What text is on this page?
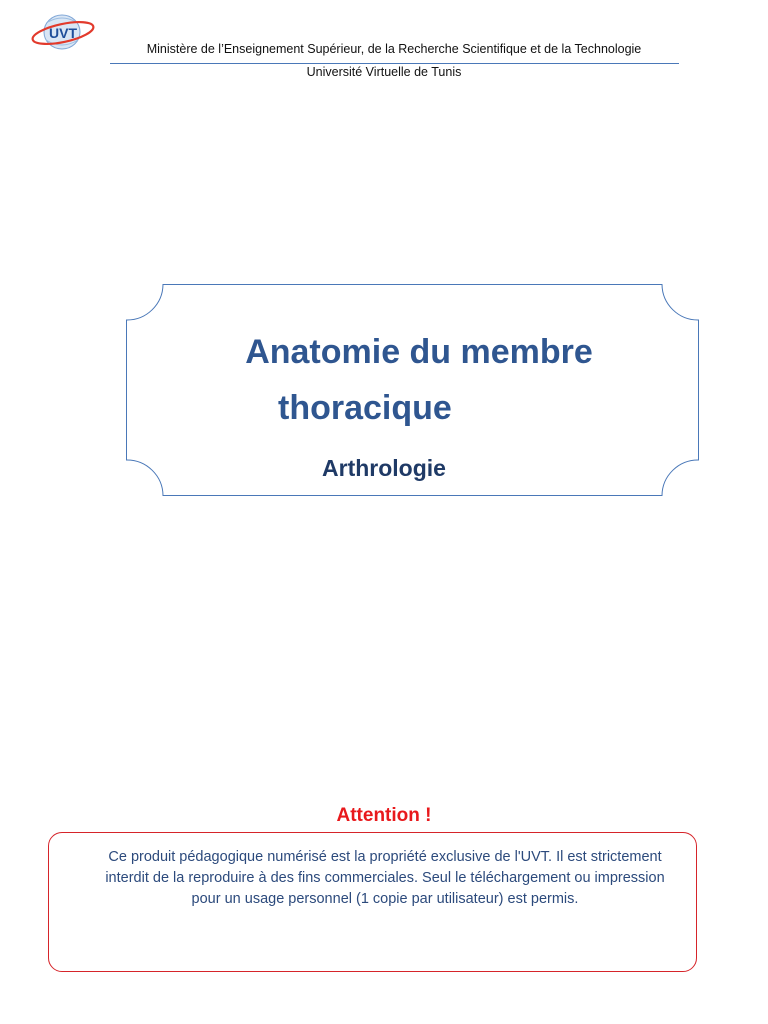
UVT
Ministère de l’Enseignement Supérieur, de la Recherche Scientifique et de la Technologie
Université Virtuelle de Tunis
Anatomie du membre
thoracique
Arthrologie
Attention !
Ce produit pédagogique numérisé est la propriété exclusive de l'UVT. Il est strictement interdit de la reproduire à des fins commerciales. Seul le téléchargement ou impression pour un usage personnel (1 copie par utilisateur) est permis.
